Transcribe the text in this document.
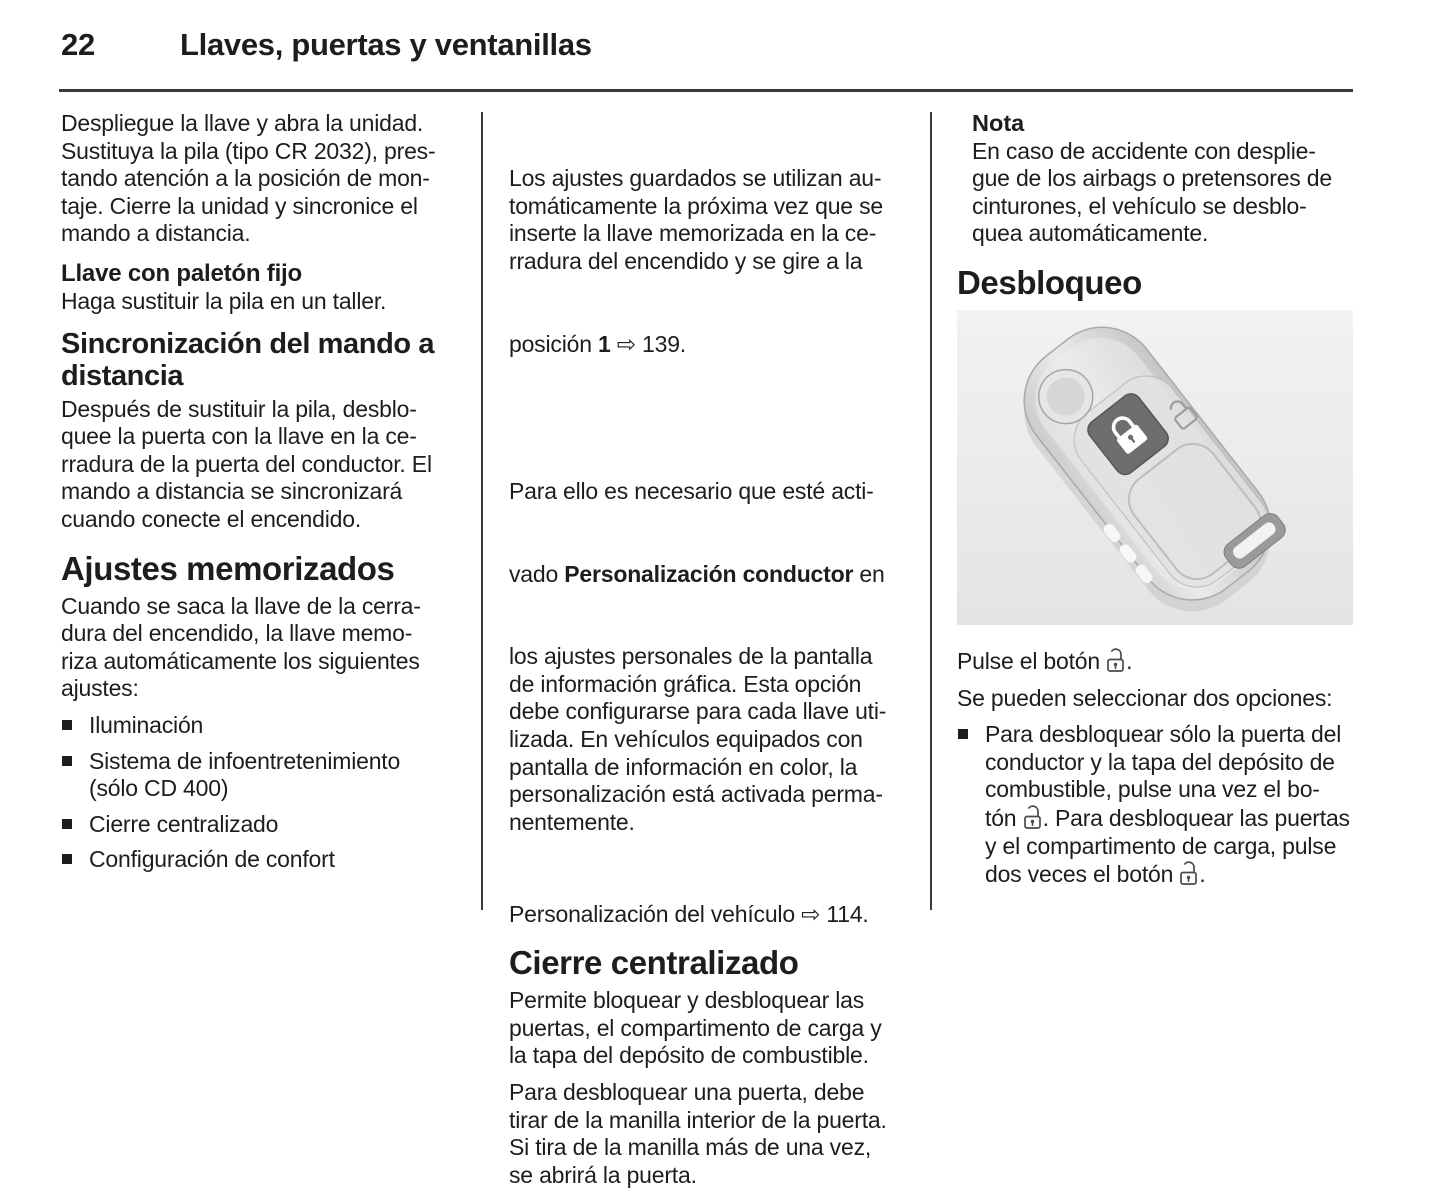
22	Llaves, puertas y ventanillas
Despliegue la llave y abra la unidad.
Sustituya la pila (tipo CR 2032), pres-
tando atención a la posición de mon-
taje. Cierre la unidad y sincronice el
mando a distancia.
Llave con paletón fijo
Haga sustituir la pila en un taller.
Sincronización del mando a
distancia
Después de sustituir la pila, desblo-
quee la puerta con la llave en la ce-
rradura de la puerta del conductor. El
mando a distancia se sincronizará
cuando conecte el encendido.
Ajustes memorizados
Cuando se saca la llave de la cerra-
dura del encendido, la llave memo-
riza automáticamente los siguientes
ajustes:
Iluminación
Sistema de infoentretenimiento
(sólo CD 400)
Cierre centralizado
Configuración de confort

Los ajustes guardados se utilizan au-
tomáticamente la próxima vez que se
inserte la llave memorizada en la ce-
rradura del encendido y se gire a la

posición 1 ⇨ 139.

Para ello es necesario que esté acti-

vado Personalización conductor en

los ajustes personales de la pantalla
de información gráfica. Esta opción
debe configurarse para cada llave uti-
lizada. En vehículos equipados con
pantalla de información en color, la
personalización está activada perma-
nentemente.

Personalización del vehículo ⇨ 114.
Cierre centralizado
Permite bloquear y desbloquear las
puertas, el compartimento de carga y
la tapa del depósito de combustible.
Para desbloquear una puerta, debe
tirar de la manilla interior de la puerta.
Si tira de la manilla más de una vez,
se abrirá la puerta.
Nota
En caso de accidente con desplie-
gue de los airbags o pretensores de
cinturones, el vehículo se desblo-
quea automáticamente.
Desbloqueo
Pulse el botón .
Se pueden seleccionar dos opciones:
Para desbloquear sólo la puerta del
conductor y la tapa del depósito de
combustible, pulse una vez el bo-
tón . Para desbloquear las puertas
y el compartimento de carga, pulse
dos veces el botón .
